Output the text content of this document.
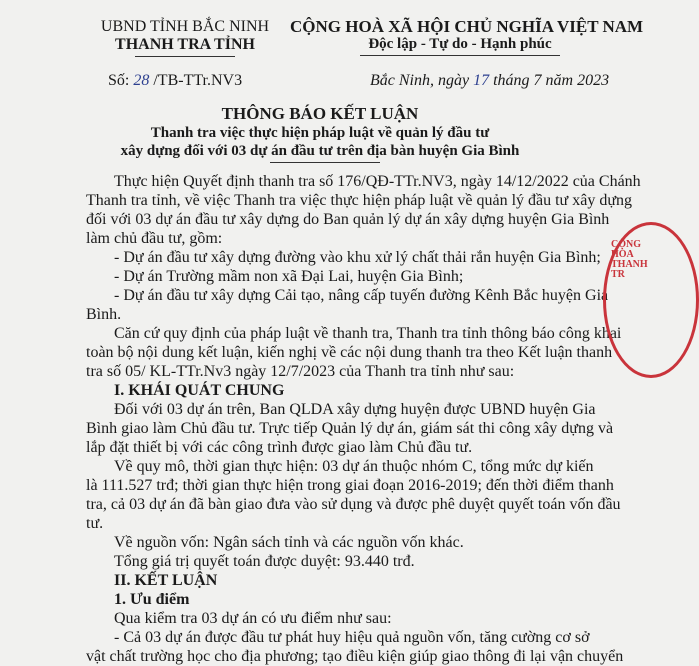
UBND TỈNH BẮC NINH
THANH TRA TỈNH
CỘNG HOÀ XÃ HỘI CHỦ NGHĨA VIỆT NAM
Độc lập - Tự do - Hạnh phúc
Số: 28 /TB-TTr.NV3	Bắc Ninh, ngày 17 tháng 7 năm 2023
THÔNG BÁO KẾT LUẬN
Thanh tra việc thực hiện pháp luật về quản lý đầu tư
xây dựng đối với 03 dự án đầu tư trên địa bàn huyện Gia Bình
Thực hiện Quyết định thanh tra số 176/QĐ-TTr.NV3, ngày 14/12/2022 của Chánh
Thanh tra tỉnh, về việc Thanh tra việc thực hiện pháp luật về quản lý đầu tư xây dựng
đối với 03 dự án đầu tư xây dựng do Ban quản lý dự án xây dựng huyện Gia Bình
làm chủ đầu tư, gồm:
- Dự án đầu tư xây dựng đường vào khu xử lý chất thải rắn huyện Gia Bình;
- Dự án Trường mầm non xã Đại Lai, huyện Gia Bình;
- Dự án đầu tư xây dựng Cải tạo, nâng cấp tuyến đường Kênh Bắc huyện Gia
Bình.
Căn cứ quy định của pháp luật về thanh tra, Thanh tra tỉnh thông báo công khai
toàn bộ nội dung kết luận, kiến nghị về các nội dung thanh tra theo Kết luận thanh
tra số 05/ KL-TTr.Nv3 ngày 12/7/2023 của Thanh tra tỉnh như sau:
I. KHÁI QUÁT CHUNG
Đối với 03 dự án trên, Ban QLDA xây dựng huyện được UBND huyện Gia
Bình giao làm Chủ đầu tư. Trực tiếp Quản lý dự án, giám sát thi công xây dựng và
lắp đặt thiết bị với các công trình được giao làm Chủ đầu tư.
Về quy mô, thời gian thực hiện: 03 dự án thuộc nhóm C, tổng mức dự kiến
là 111.527 trđ; thời gian thực hiện trong giai đoạn 2016-2019; đến thời điểm thanh
tra, cả 03 dự án đã bàn giao đưa vào sử dụng và được phê duyệt quyết toán vốn đầu
tư.
Về nguồn vốn: Ngân sách tỉnh và các nguồn vốn khác.
Tổng giá trị quyết toán được duyệt: 93.440 trđ.
II. KẾT LUẬN
1. Ưu điểm
Qua kiểm tra 03 dự án có ưu điểm như sau:
- Cả 03 dự án được đầu tư phát huy hiệu quả nguồn vốn, tăng cường cơ sở
vật chất trường học cho địa phương; tạo điều kiện giúp giao thông đi lại vận chuyển
CỘNG HÒA THANH TR
